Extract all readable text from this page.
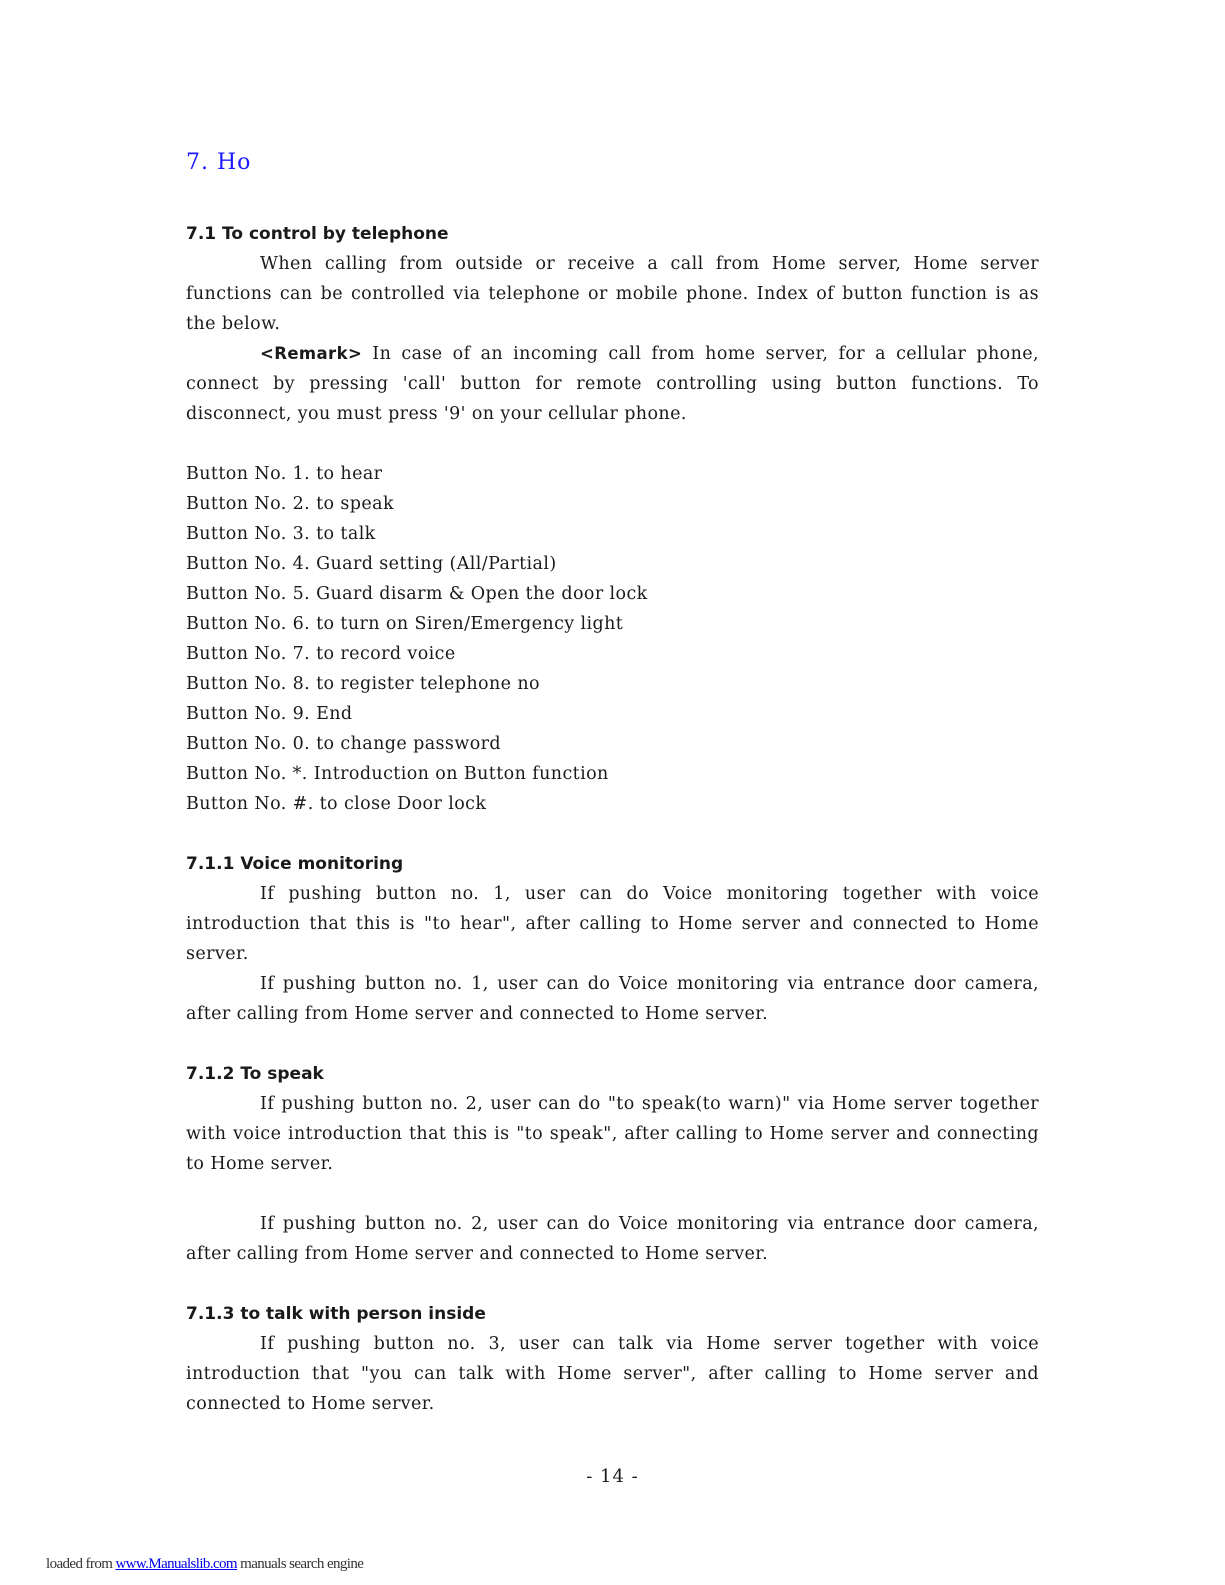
7. Ho
7.1 To control by telephone

When calling from outside or receive a call from Home server, Home server functions can be controlled via telephone or mobile phone. Index of button function is as the below.

<Remark> In case of an incoming call from home server, for a cellular phone, connect by pressing 'call' button for remote controlling using button functions. To disconnect, you must press '9' on your cellular phone.

Button No. 1. to hear
Button No. 2. to speak
Button No. 3. to talk
Button No. 4. Guard setting (All/Partial)
Button No. 5. Guard disarm & Open the door lock
Button No. 6. to turn on Siren/Emergency light
Button No. 7. to record voice
Button No. 8. to register telephone no
Button No. 9. End
Button No. 0. to change password
Button No. *. Introduction on Button function
Button No. #. to close Door lock
7.1.1 Voice monitoring

If pushing button no. 1, user can do Voice monitoring together with voice introduction that this is "to hear", after calling to Home server and connected to Home server.

If pushing button no. 1, user can do Voice monitoring via entrance door camera, after calling from Home server and connected to Home server.

7.1.2 To speak

If pushing button no. 2, user can do "to speak(to warn)" via Home server together with voice introduction that this is "to speak", after calling to Home server and connecting to Home server.

If pushing button no. 2, user can do Voice monitoring via entrance door camera, after calling from Home server and connected to Home server.

7.1.3 to talk with person inside

If pushing button no. 3, user can talk via Home server together with voice introduction that "you can talk with Home server", after calling to Home server and connected to Home server.

- 14 -
loaded from www.Manualslib.com manuals search engine
